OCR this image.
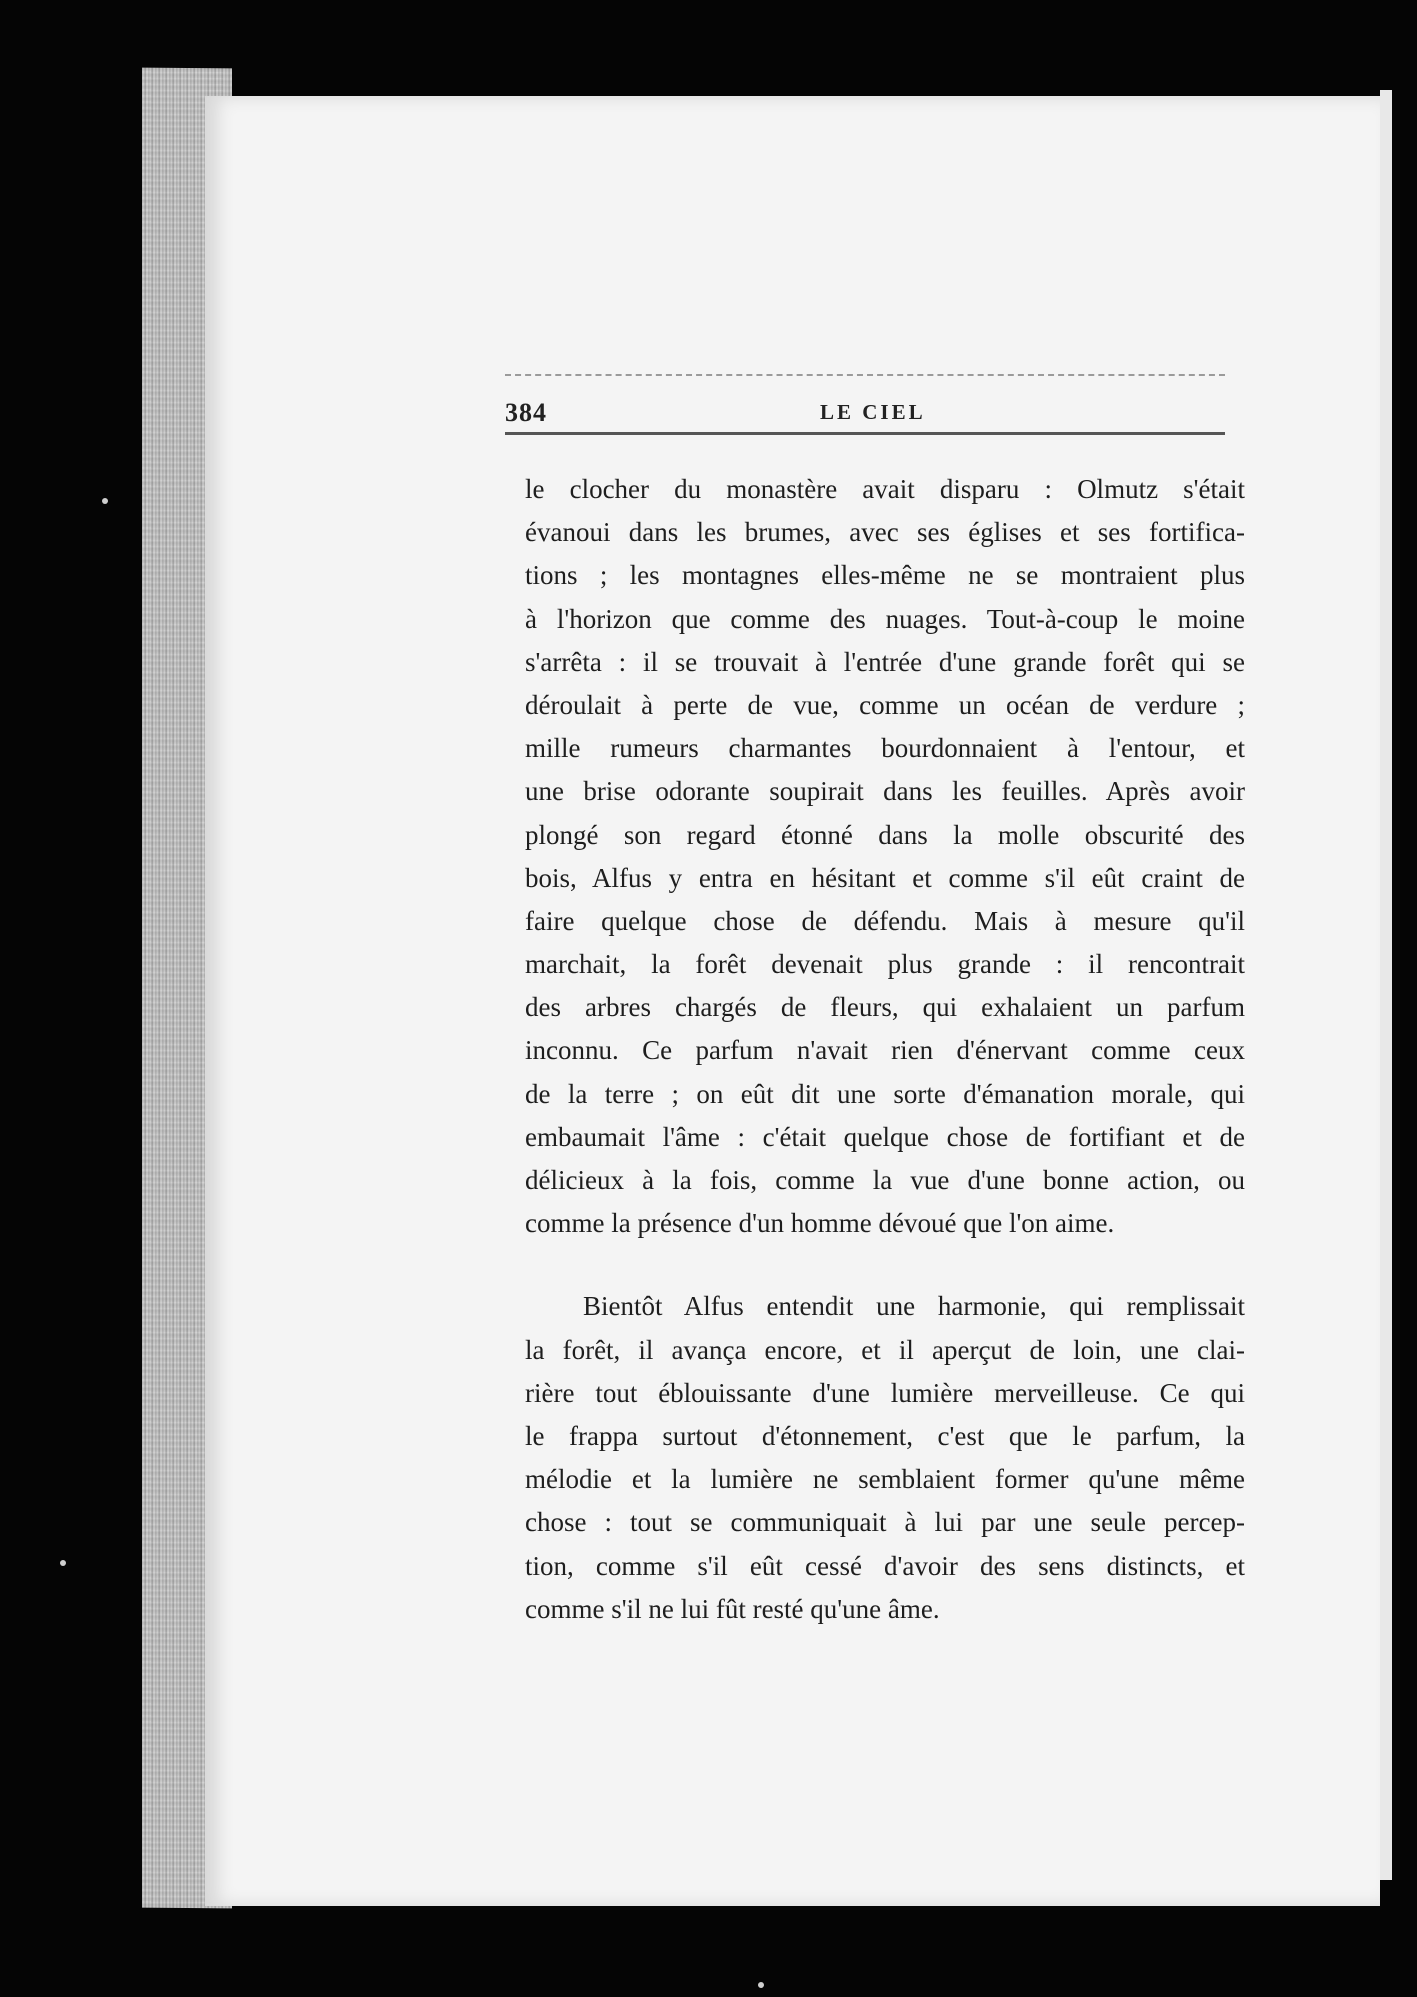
384	LE CIEL

le clocher du monastère avait disparu : Olmutz s'était
évanoui dans les brumes, avec ses églises et ses fortifica-
tions ; les montagnes elles-même ne se montraient plus
à l'horizon que comme des nuages. Tout-à-coup le moine
s'arrêta : il se trouvait à l'entrée d'une grande forêt qui se
déroulait à perte de vue, comme un océan de verdure ;
mille rumeurs charmantes bourdonnaient à l'entour, et
une brise odorante soupirait dans les feuilles. Après avoir
plongé son regard étonné dans la molle obscurité des
bois, Alfus y entra en hésitant et comme s'il eût craint de
faire quelque chose de défendu. Mais à mesure qu'il
marchait, la forêt devenait plus grande : il rencontrait
des arbres chargés de fleurs, qui exhalaient un parfum
inconnu. Ce parfum n'avait rien d'énervant comme ceux
de la terre ; on eût dit une sorte d'émanation morale, qui
embaumait l'âme : c'était quelque chose de fortifiant et de
délicieux à la fois, comme la vue d'une bonne action, ou
comme la présence d'un homme dévoué que l'on aime.

Bientôt Alfus entendit une harmonie, qui remplissait
la forêt, il avança encore, et il aperçut de loin, une clai-
rière tout éblouissante d'une lumière merveilleuse. Ce qui
le frappa surtout d'étonnement, c'est que le parfum, la
mélodie et la lumière ne semblaient former qu'une même
chose : tout se communiquait à lui par une seule percep-
tion, comme s'il eût cessé d'avoir des sens distincts, et
comme s'il ne lui fût resté qu'une âme.
